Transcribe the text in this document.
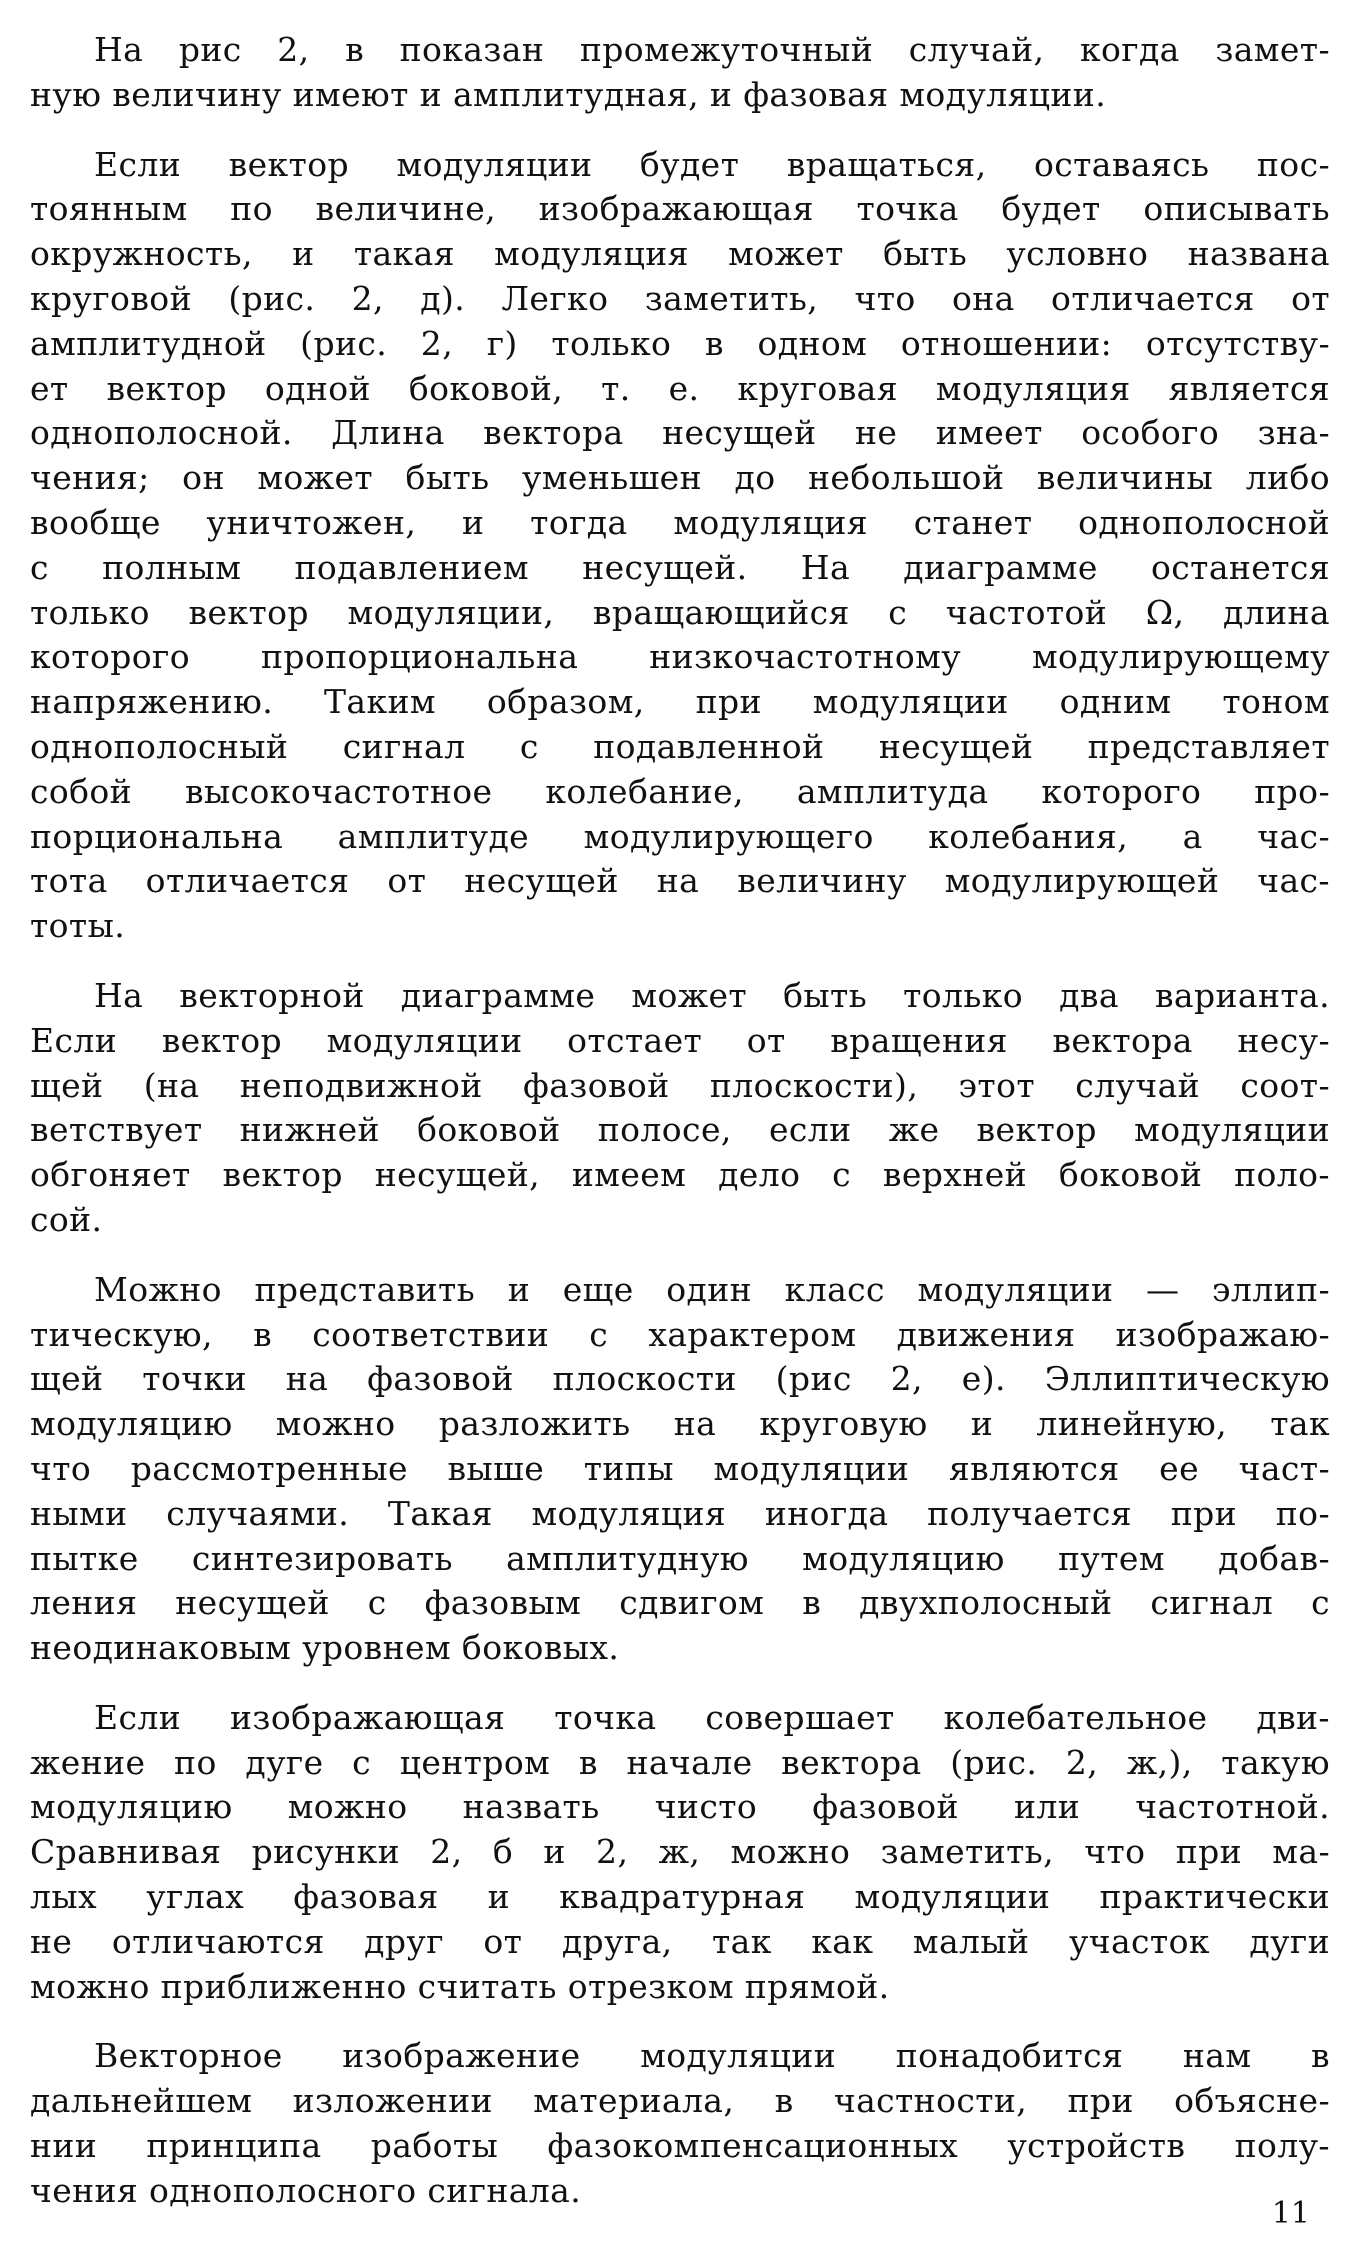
На рис 2, в показан промежуточный случай, когда замет-
ную величину имеют и амплитудная, и фазовая модуляции.
Если вектор модуляции будет вращаться, оставаясь пос-
тоянным по величине, изображающая точка будет описывать
окружность, и такая модуляция может быть условно названа
круговой (рис. 2, д). Легко заметить, что она отличается от
амплитудной (рис. 2, г) только в одном отношении: отсутству-
ет вектор одной боковой, т. е. круговая модуляция является
однополосной. Длина вектора несущей не имеет особого зна-
чения; он может быть уменьшен до небольшой величины либо
вообще уничтожен, и тогда модуляция станет однополосной
с полным подавлением несущей. На диаграмме останется
только вектор модуляции, вращающийся с частотой Ω, длина
которого пропорциональна низкочастотному модулирующему
напряжению. Таким образом, при модуляции одним тоном
однополосный сигнал с подавленной несущей представляет
собой высокочастотное колебание, амплитуда которого про-
порциональна амплитуде модулирующего колебания, а час-
тота отличается от несущей на величину модулирующей час-
тоты.
На векторной диаграмме может быть только два варианта.
Если вектор модуляции отстает от вращения вектора несу-
щей (на неподвижной фазовой плоскости), этот случай соот-
ветствует нижней боковой полосе, если же вектор модуляции
обгоняет вектор несущей, имеем дело с верхней боковой поло-
сой.
Можно представить и еще один класс модуляции — эллип-
тическую, в соответствии с характером движения изображаю-
щей точки на фазовой плоскости (рис 2, е). Эллиптическую
модуляцию можно разложить на круговую и линейную, так
что рассмотренные выше типы модуляции являются ее част-
ными случаями. Такая модуляция иногда получается при по-
пытке синтезировать амплитудную модуляцию путем добав-
ления несущей с фазовым сдвигом в двухполосный сигнал с
неодинаковым уровнем боковых.
Если изображающая точка совершает колебательное дви-
жение по дуге с центром в начале вектора (рис. 2, ж,), такую
модуляцию можно назвать чисто фазовой или частотной.
Сравнивая рисунки 2, б и 2, ж, можно заметить, что при ма-
лых углах фазовая и квадратурная модуляции практически
не отличаются друг от друга, так как малый участок дуги
можно приближенно считать отрезком прямой.
Векторное изображение модуляции понадобится нам в
дальнейшем изложении материала, в частности, при объясне-
нии принципа работы фазокомпенсационных устройств полу-
чения однополосного сигнала.
11
